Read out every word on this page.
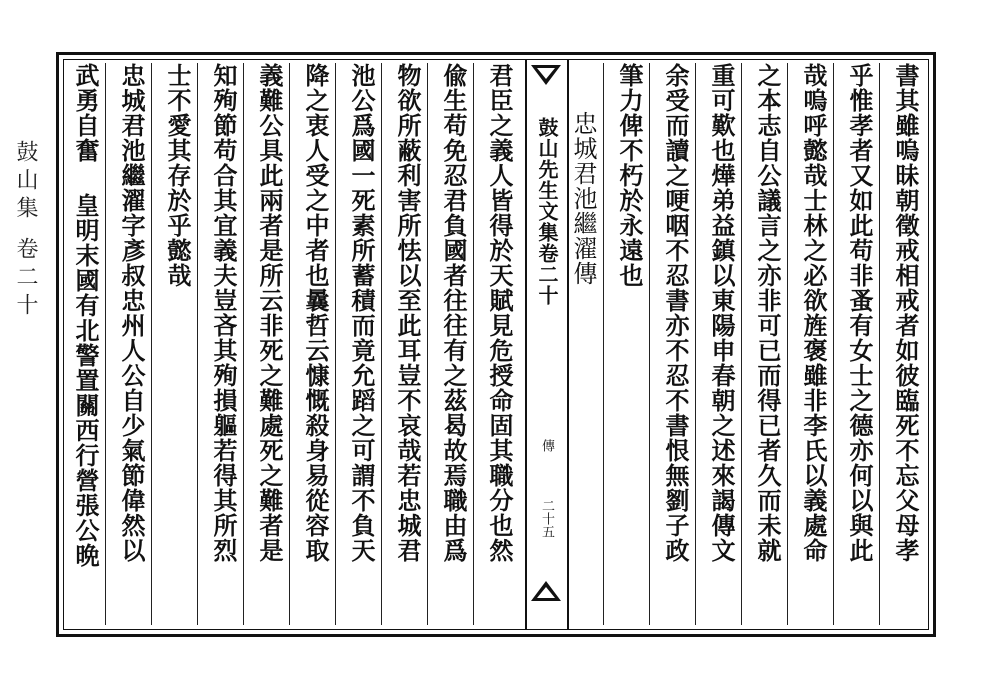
鼓山集 卷二十	書其雖嗚昧朝徵戒相戒者如彼臨死不忘父母孝
乎惟孝者又如此苟非蚤有女士之德亦何以與此
哉嗚呼懿哉士林之必欲旌褒雖非李氏以義處命
之本志自公議言之亦非可已而得已者久而未就
重可歎也燁弟益鎮以東陽申春朝之述來謁傳文
余受而讀之哽咽不忍書亦不忍不書恨無劉子政
筆力俾不朽於永遠也
忠城君池繼濯傳
鼓山先生文集卷二十
傳
二十五
君臣之義人皆得於天賦見危授命固其職分也然
偸生苟免忍君負國者往往有之茲曷故焉職由爲
物欲所蔽利害所怯以至此耳豈不哀哉若忠城君
池公爲國一死素所蓄積而竟允蹈之可謂不負天
降之衷人受之中者也曩哲云慷慨殺身易從容取
義難公具此兩者是所云非死之難處死之難者是
知殉節苟合其宜義夫豈吝其殉損軀若得其所烈
士不愛其存於乎懿哉
忠城君池繼濯字彥叔忠州人公自少氣節偉然以
武勇自奮 皇明末國有北警置關西行營張公晩
